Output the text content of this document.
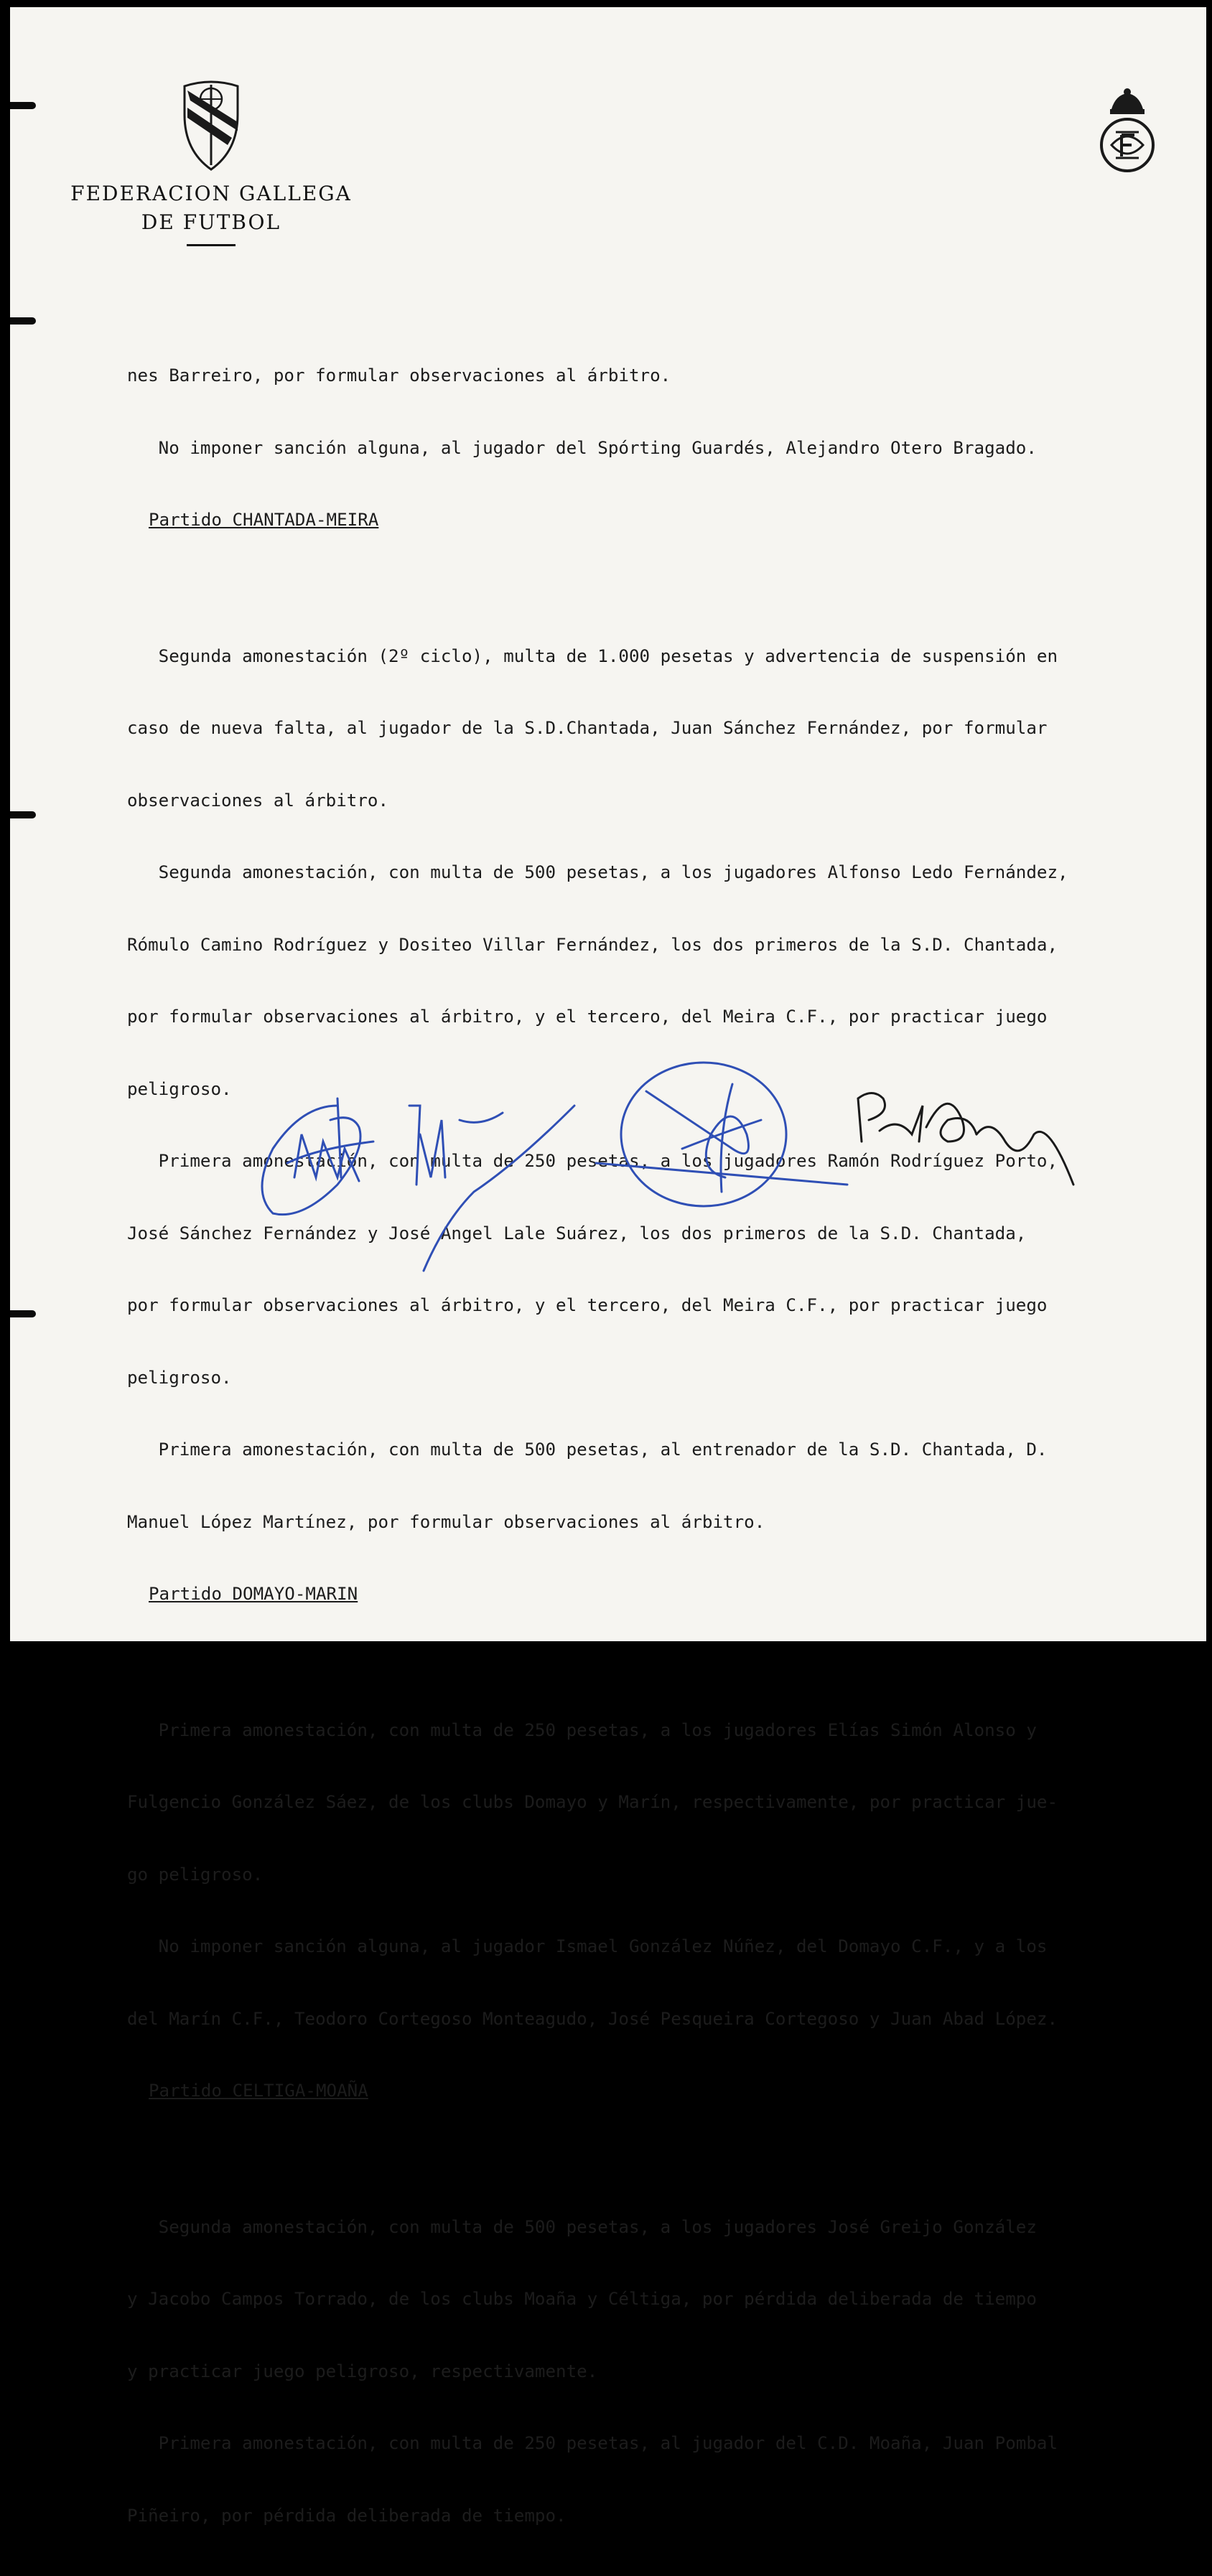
FEDERACION GALLEGA
DE FUTBOL

nes Barreiro, por formular observaciones al árbitro.

No imponer sanción alguna, al jugador del Spórting Guardés, Alejandro Otero Bragado.

Partido CHANTADA-MEIRA

Segunda amonestación (2º ciclo), multa de 1.000 pesetas y advertencia de suspensión en

caso de nueva falta, al jugador de la S.D.Chantada, Juan Sánchez Fernández, por formular

observaciones al árbitro.

Segunda amonestación, con multa de 500 pesetas, a los jugadores Alfonso Ledo Fernández,

Rómulo Camino Rodríguez y Dositeo Villar Fernández, los dos primeros de la S.D. Chantada,

por formular observaciones al árbitro, y el tercero, del Meira C.F., por practicar juego

peligroso.

Primera amonestación, con multa de 250 pesetas, a los jugadores Ramón Rodríguez Porto,

José Sánchez Fernández y José Angel Lale Suárez, los dos primeros de la S.D. Chantada,

por formular observaciones al árbitro, y el tercero, del Meira C.F., por practicar juego

peligroso.

Primera amonestación, con multa de 500 pesetas, al entrenador de la S.D. Chantada, D.

Manuel López Martínez, por formular observaciones al árbitro.

Partido DOMAYO-MARIN

Primera amonestación, con multa de 250 pesetas, a los jugadores Elías Simón Alonso y

Fulgencio González Sáez, de los clubs Domayo y Marín, respectivamente, por practicar jue-

go peligroso.

No imponer sanción alguna, al jugador Ismael González Núñez, del Domayo C.F., y a los

del Marín C.F., Teodoro Cortegoso Monteagudo, José Pesqueira Cortegoso y Juan Abad López.

Partido CELTIGA-MOAÑA

Segunda amonestación, con multa de 500 pesetas, a los jugadores José Greijo González

y Jacobo Campos Torrado, de los clubs Moaña y Céltiga, por pérdida deliberada de tiempo

y practicar juego peligroso, respectivamente.

Primera amonestación, con multa de 250 pesetas, al jugador del C.D. Moaña, Juan Pombal

Piñeiro, por pérdida deliberada de tiempo.
